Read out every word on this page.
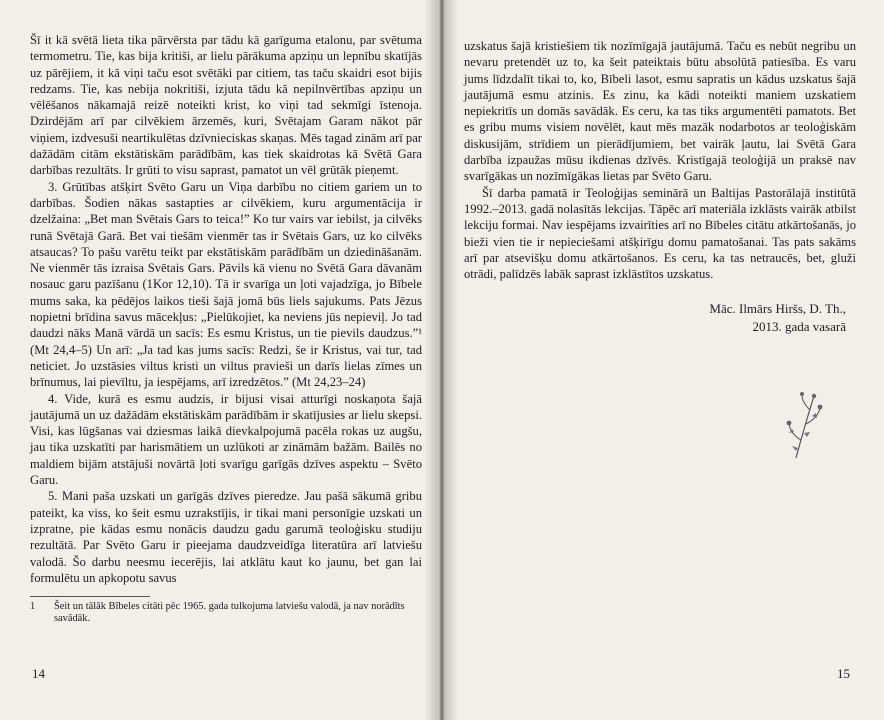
Šī it kā svētā lieta tika pārvērsta par tādu kā garīguma etalonu, par svētuma termometru. Tie, kas bija kritiši, ar lielu pārākuma apziņu un lepnību skatījās uz pārējiem, it kā viņi taču esot svētāki par citiem, tas taču skaidri esot bijis redzams. Tie, kas nebija nokritiši, izjuta tādu kā nepilnvērtības apziņu un vēlēšanos nākamajā reizē noteikti krist, ko viņi tad sekmīgi īstenoja. Dzirdējām arī par cilvēkiem ārzemēs, kuri, Svētajam Garam nākot pār viņiem, izdvesuši neartikulētas dzīvnieciskas skaņas. Mēs tagad zinām arī par dažādām citām ekstātiskām parādībām, kas tiek skaidrotas kā Svētā Gara darbības rezultāts. Ir grūti to visu saprast, pamatot un vēl grūtāk pieņemt.

3. Grūtības atšķirt Svēto Garu un Viņa darbību no citiem gariem un to darbības. Šodien nākas sastapties ar cilvēkiem, kuru argumentācija ir dzelžaina: „Bet man Svētais Gars to teica!” Ko tur vairs var iebilst, ja cilvēks runā Svētajā Garā. Bet vai tiešām vienmēr tas ir Svētais Gars, uz ko cilvēks atsaucas? To pašu varētu teikt par ekstātiskām parādībām un dziedināšanām. Ne vienmēr tās izraisa Svētais Gars. Pāvils kā vienu no Svētā Gara dāvanām nosauc garu pazīšanu (1Kor 12,10). Tā ir svarīga un ļoti vajadzīga, jo Bībele mums saka, ka pēdējos laikos tieši šajā jomā būs liels sajukums. Pats Jēzus nopietni brīdina savus mācekļus: „Pielūkojiet, ka neviens jūs nepieviļ. Jo tad daudzi nāks Manā vārdā un sacīs: Es esmu Kristus, un tie pievils daudzus.”¹ (Mt 24,4–5) Un arī: „Ja tad kas jums sacīs: Redzi, še ir Kristus, vai tur, tad neticiet. Jo uzstāsies viltus kristi un viltus pravieši un darīs lielas zīmes un brīnumus, lai pievīltu, ja iespējams, arī izredzētos.” (Mt 24,23–24)

4. Vide, kurā es esmu audzis, ir bijusi visai atturīgi noskaņota šajā jautājumā un uz dažādām ekstātiskām parādībām ir skatījusies ar lielu skepsi. Visi, kas lūgšanas vai dziesmas laikā dievkalpojumā pacēla rokas uz augšu, jau tika uzskatīti par harismātiem un uzlūkoti ar zināmām bažām. Bailēs no maldiem bijām atstājuši novārtā ļoti svarīgu garīgās dzīves aspektu – Svēto Garu.

5. Mani paša uzskati un garīgās dzīves pieredze. Jau pašā sākumā gribu pateikt, ka viss, ko šeit esmu uzrakstījis, ir tikai mani personīgie uzskati un izpratne, pie kādas esmu nonācis daudzu gadu garumā teoloģisku studiju rezultātā. Par Svēto Garu ir pieejama daudzveidīga literatūra arī latviešu valodā. Šo darbu neesmu iecerējis, lai atklātu kaut ko jaunu, bet gan lai formulētu un apkopotu savus

1	Šeit un tālāk Bībeles citāti pēc 1965. gada tulkojuma latviešu valodā, ja nav norādīts savādāk.
14

uzskatus šajā kristiešiem tik nozīmīgajā jautājumā. Taču es nebūt negribu un nevaru pretendēt uz to, ka šeit pateiktais būtu absolūtā patiesība. Es varu jums līdzdalīt tikai to, ko, Bībeli lasot, esmu sapratis un kādus uzskatus šajā jautājumā esmu atzinis. Es zinu, ka kādi noteikti maniem uzskatiem nepiekritīs un domās savādāk. Es ceru, ka tas tiks argumentēti pamatots. Bet es gribu mums visiem novēlēt, kaut mēs mazāk nodarbotos ar teoloģiskām diskusijām, strīdiem un pierādījumiem, bet vairāk ļautu, lai Svētā Gara darbība izpaužas mūsu ikdienas dzīvēs. Kristīgajā teoloģijā un praksē nav svarīgākas un nozīmīgākas lietas par Svēto Garu.

Šī darba pamatā ir Teoloģijas seminārā un Baltijas Pastorālajā institūtā 1992.–2013. gadā nolasītās lekcijas. Tāpēc arī materiāla izklāsts vairāk atbilst lekciju formai. Nav iespējams izvairīties arī no Bībeles citātu atkārtošanās, jo bieži vien tie ir nepieciešami atšķirīgu domu pamatošanai. Tas pats sakāms arī par atsevišķu domu atkārtošanos. Es ceru, ka tas netraucēs, bet, gluži otrādi, palīdzēs labāk saprast izklāstītos uzskatus.

Māc. Ilmārs Hiršs, D. Th.,
2013. gada vasarā
15
